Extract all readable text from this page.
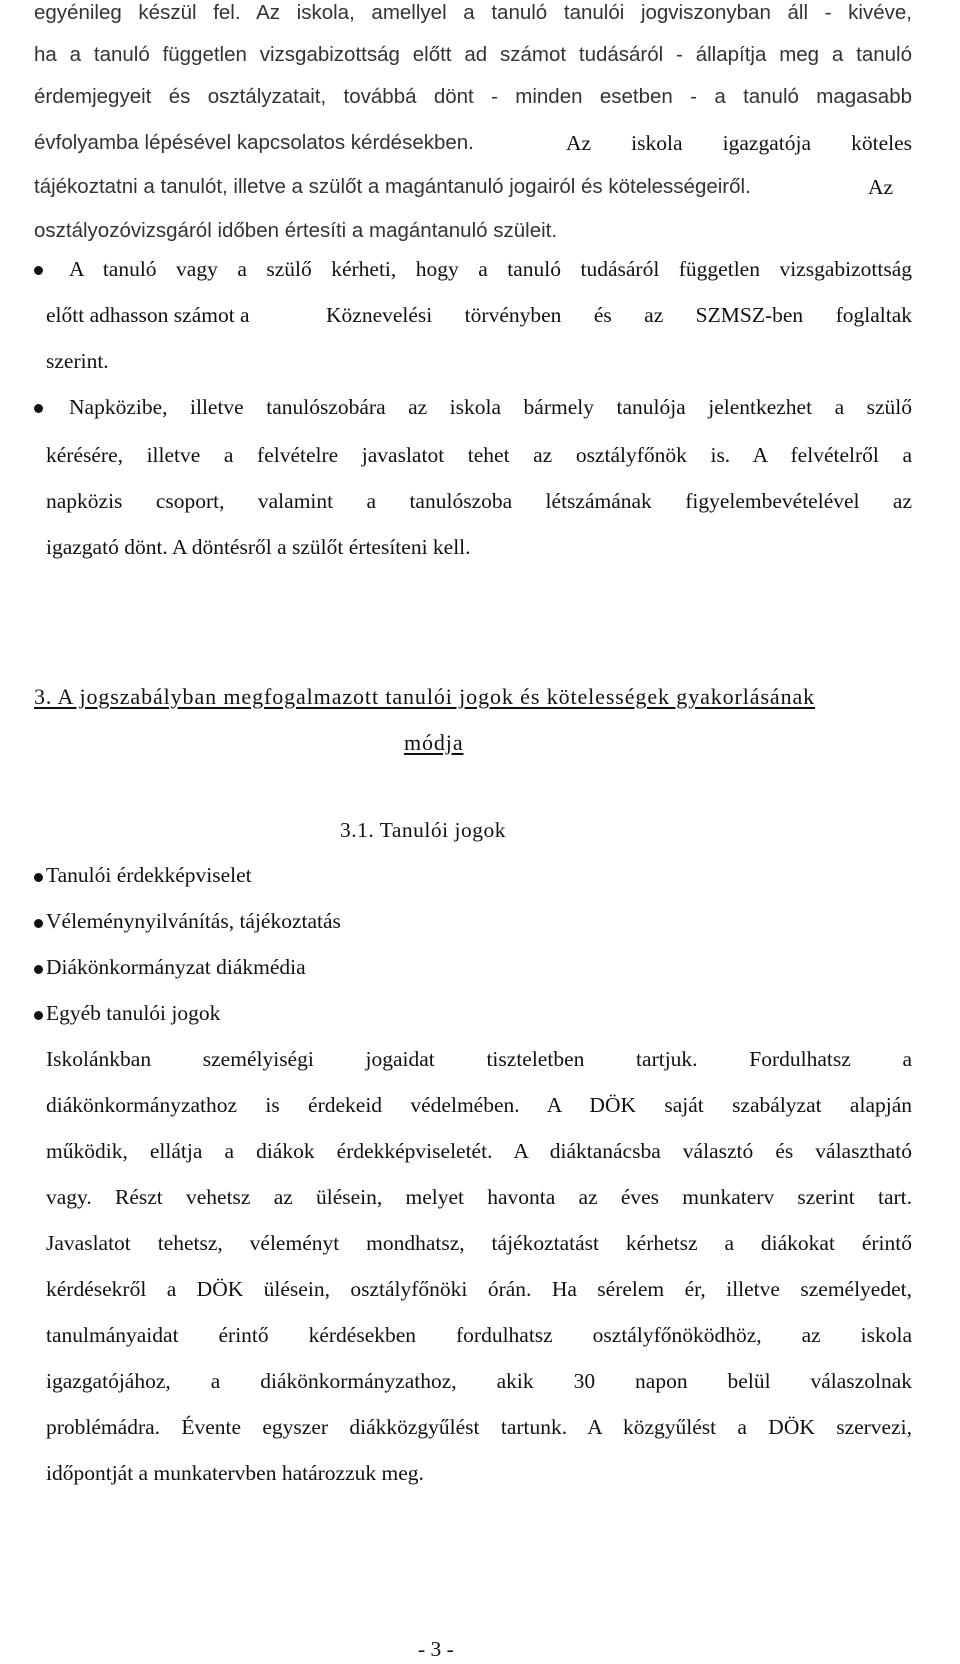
egyénileg készül fel. Az iskola, amellyel a tanuló tanulói jogviszonyban áll - kivéve,

ha a tanuló független vizsgabizottság előtt ad számot tudásáról - állapítja meg a tanuló

érdemjegyeit és osztályzatait, továbbá dönt - minden esetben - a tanuló magasabb

évfolyamba lépésével kapcsolatos kérdésekben.	Az iskola igazgatója köteles

tájékoztatni a tanulót, illetve a szülőt a magántanuló jogairól és kötelességeiről.	Az

osztályozóvizsgáról időben értesíti a magántanuló szüleit.

A tanuló vagy a szülő kérheti, hogy a tanuló tudásáról független vizsgabizottság

előtt adhasson számot a	Köznevelési törvényben és az SZMSZ-ben foglaltak

szerint.

Napközibe, illetve tanulószobára az iskola bármely tanulója jelentkezhet a szülő

kérésére, illetve a felvételre javaslatot tehet az osztályfőnök is. A felvételről a

napközis csoport, valamint a tanulószoba létszámának figyelembevételével az

igazgató dönt. A döntésről a szülőt értesíteni kell.

3. A jogszabályban megfogalmazott tanulói jogok és kötelességek gyakorlásának

módja

3.1. Tanulói jogok

Tanulói érdekképviselet

Véleménynyilvánítás, tájékoztatás

Diákönkormányzat diákmédia

Egyéb tanulói jogok

Iskolánkban személyiségi jogaidat tiszteletben tartjuk. Fordulhatsz a

diákönkormányzathoz is érdekeid védelmében. A DÖK saját szabályzat alapján

működik, ellátja a diákok érdekképviseletét. A diáktanácsba választó és választható

vagy. Részt vehetsz az ülésein, melyet havonta az éves munkaterv szerint tart.

Javaslatot tehetsz, véleményt mondhatsz, tájékoztatást kérhetsz a diákokat érintő

kérdésekről a DÖK ülésein, osztályfőnöki órán. Ha sérelem ér, illetve személyedet,

tanulmányaidat érintő kérdésekben fordulhatsz osztályfőnöködhöz, az iskola

igazgatójához, a diákönkormányzathoz, akik 30 napon belül válaszolnak

problémádra. Évente egyszer diákközgyűlést tartunk. A közgyűlést a DÖK szervezi,

időpontját a munkatervben határozzuk meg.

- 3 -
